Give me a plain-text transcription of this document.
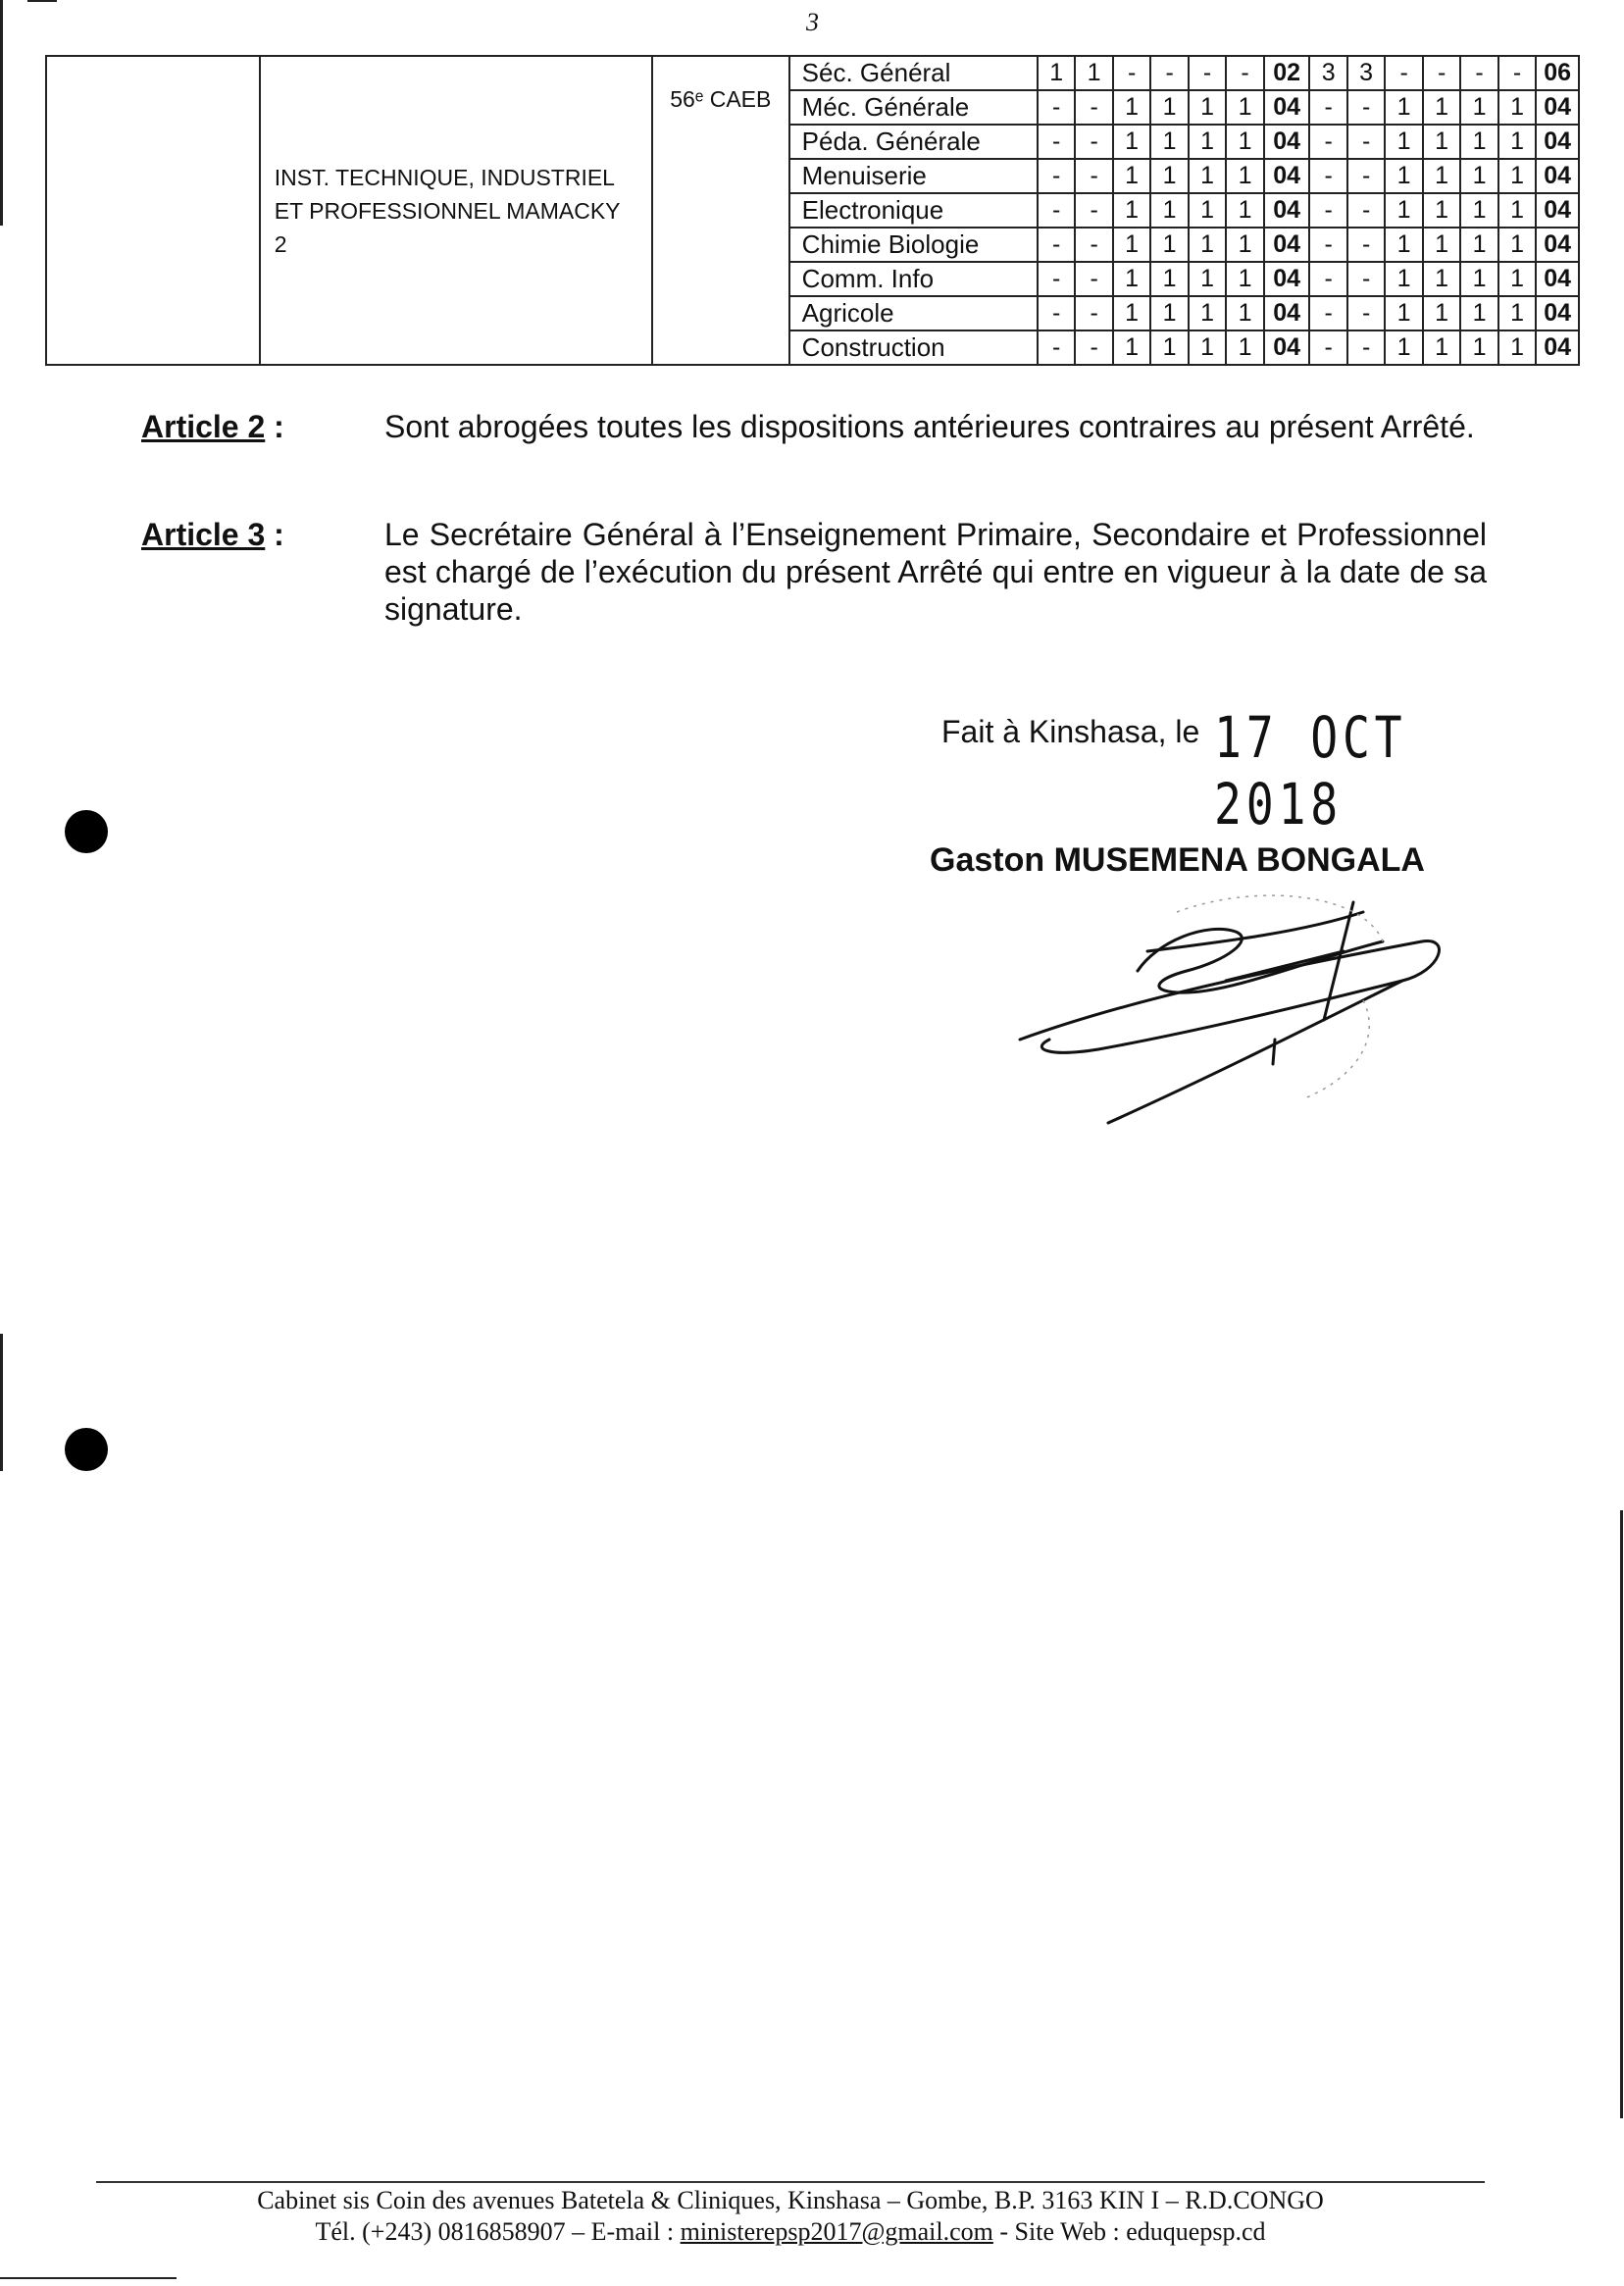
3
	INST. TECHNIQUE, INDUSTRIEL ET PROFESSIONNEL MAMACKY 2	56ᵉ CAEB	Séc. Général	1	1	-	-	-	-	02	3	3	-	-	-	-	06
			Méc. Générale	-	-	1	1	1	1	04	-	-	1	1	1	1	04
			Péda. Générale	-	-	1	1	1	1	04	-	-	1	1	1	1	04
			Menuiserie	-	-	1	1	1	1	04	-	-	1	1	1	1	04
			Electronique	-	-	1	1	1	1	04	-	-	1	1	1	1	04
			Chimie Biologie	-	-	1	1	1	1	04	-	-	1	1	1	1	04
			Comm. Info	-	-	1	1	1	1	04	-	-	1	1	1	1	04
			Agricole	-	-	1	1	1	1	04	-	-	1	1	1	1	04
			Construction	-	-	1	1	1	1	04	-	-	1	1	1	1	04
Article 2 :	Sont abrogées toutes les dispositions antérieures contraires au présent Arrêté.
Article 3 :	Le Secrétaire Général à l’Enseignement Primaire, Secondaire et Professionnel est chargé de l’exécution du présent Arrêté qui entre en vigueur à la date de sa signature.
Fait à Kinshasa, le 17 OCT 2018
Gaston MUSEMENA BONGALA
Cabinet sis Coin des avenues Batetela & Cliniques, Kinshasa – Gombe, B.P. 3163 KIN I – R.D.CONGO
Tél. (+243) 0816858907 – E-mail : ministerepsp2017@gmail.com - Site Web : eduquepsp.cd
